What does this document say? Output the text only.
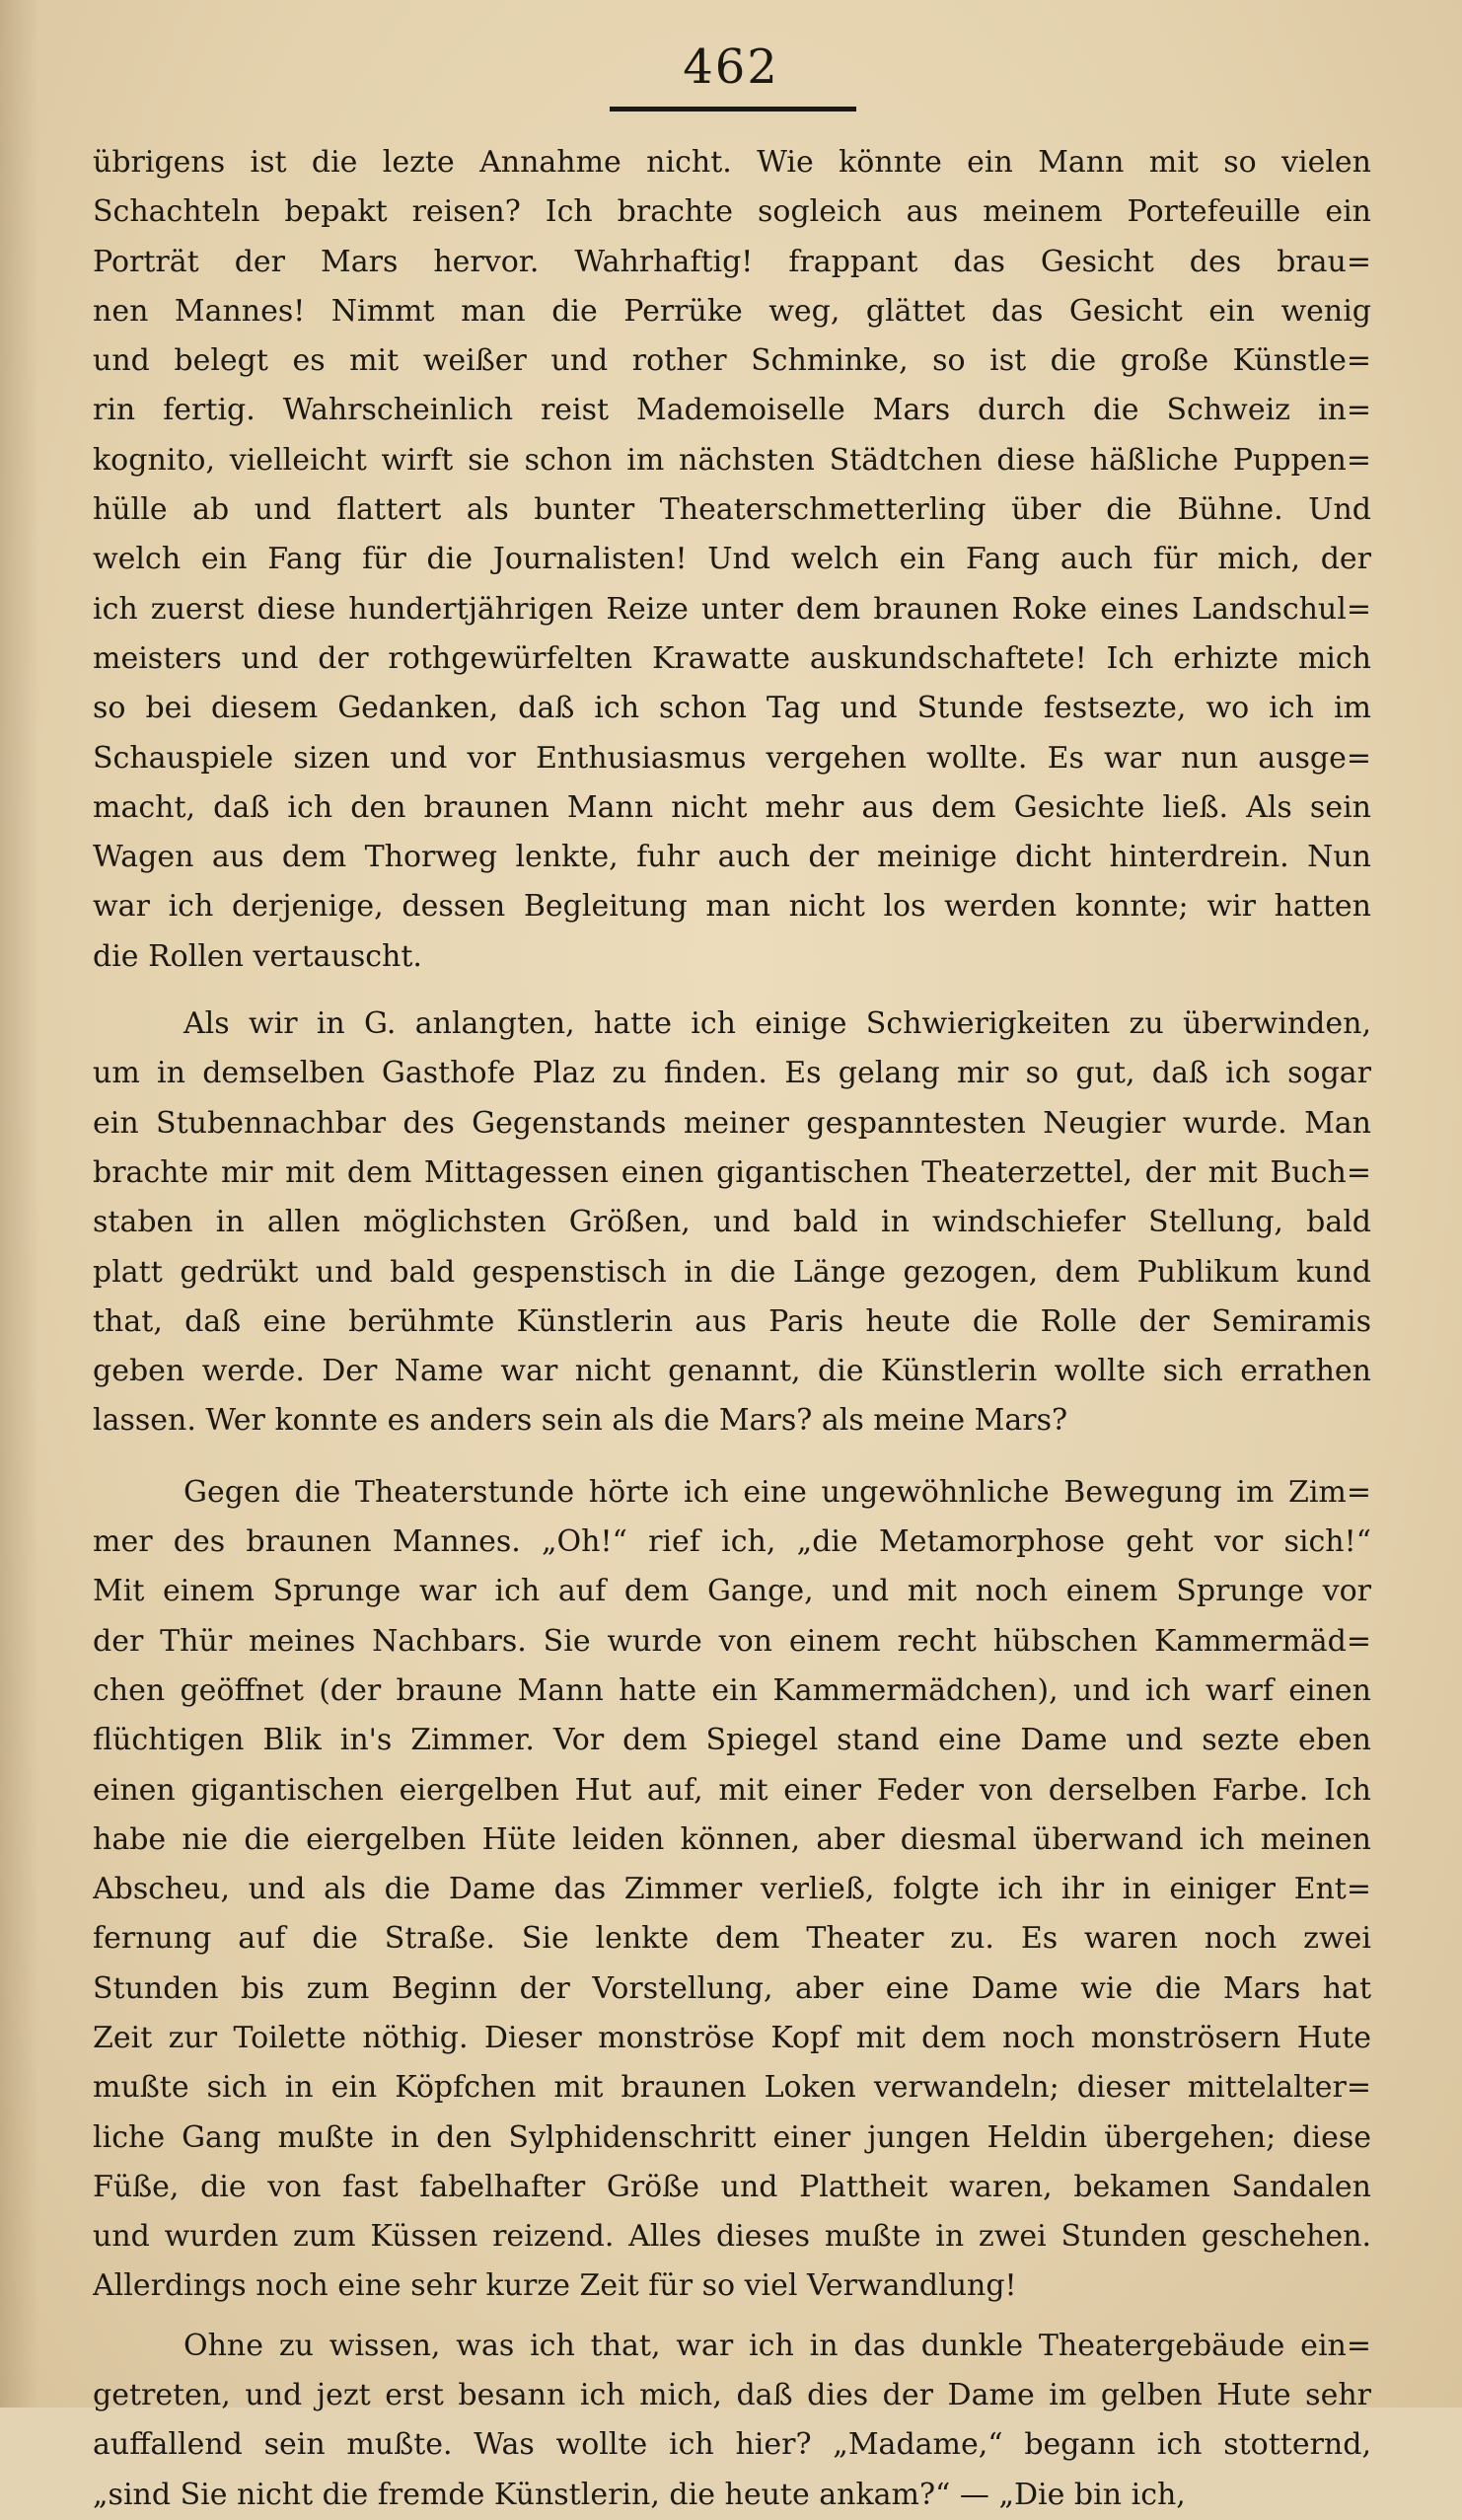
462
übrigens ist die lezte Annahme nicht. Wie könnte ein Mann mit so vielen
Schachteln bepakt reisen? Ich brachte sogleich aus meinem Portefeuille ein
Porträt der Mars hervor. Wahrhaftig! frappant das Gesicht des brau=
nen Mannes! Nimmt man die Perrüke weg, glättet das Gesicht ein wenig
und belegt es mit weißer und rother Schminke, so ist die große Künstle=
rin fertig. Wahrscheinlich reist Mademoiselle Mars durch die Schweiz in=
kognito, vielleicht wirft sie schon im nächsten Städtchen diese häßliche Puppen=
hülle ab und flattert als bunter Theaterschmetterling über die Bühne. Und
welch ein Fang für die Journalisten! Und welch ein Fang auch für mich, der
ich zuerst diese hundertjährigen Reize unter dem braunen Roke eines Landschul=
meisters und der rothgewürfelten Krawatte auskundschaftete! Ich erhizte mich
so bei diesem Gedanken, daß ich schon Tag und Stunde festsezte, wo ich im
Schauspiele sizen und vor Enthusiasmus vergehen wollte. Es war nun ausge=
macht, daß ich den braunen Mann nicht mehr aus dem Gesichte ließ. Als sein
Wagen aus dem Thorweg lenkte, fuhr auch der meinige dicht hinterdrein. Nun
war ich derjenige, dessen Begleitung man nicht los werden konnte; wir hatten
die Rollen vertauscht.
Als wir in G. anlangten, hatte ich einige Schwierigkeiten zu überwinden,
um in demselben Gasthofe Plaz zu finden. Es gelang mir so gut, daß ich sogar
ein Stubennachbar des Gegenstands meiner gespanntesten Neugier wurde. Man
brachte mir mit dem Mittagessen einen gigantischen Theaterzettel, der mit Buch=
staben in allen möglichsten Größen, und bald in windschiefer Stellung, bald
platt gedrükt und bald gespenstisch in die Länge gezogen, dem Publikum kund
that, daß eine berühmte Künstlerin aus Paris heute die Rolle der Semiramis
geben werde. Der Name war nicht genannt, die Künstlerin wollte sich errathen
lassen. Wer konnte es anders sein als die Mars? als meine Mars?
Gegen die Theaterstunde hörte ich eine ungewöhnliche Bewegung im Zim=
mer des braunen Mannes. „Oh!“ rief ich, „die Metamorphose geht vor sich!“
Mit einem Sprunge war ich auf dem Gange, und mit noch einem Sprunge vor
der Thür meines Nachbars. Sie wurde von einem recht hübschen Kammermäd=
chen geöffnet (der braune Mann hatte ein Kammermädchen), und ich warf einen
flüchtigen Blik in's Zimmer. Vor dem Spiegel stand eine Dame und sezte eben
einen gigantischen eiergelben Hut auf, mit einer Feder von derselben Farbe. Ich
habe nie die eiergelben Hüte leiden können, aber diesmal überwand ich meinen
Abscheu, und als die Dame das Zimmer verließ, folgte ich ihr in einiger Ent=
fernung auf die Straße. Sie lenkte dem Theater zu. Es waren noch zwei
Stunden bis zum Beginn der Vorstellung, aber eine Dame wie die Mars hat
Zeit zur Toilette nöthig. Dieser monströse Kopf mit dem noch monströsern Hute
mußte sich in ein Köpfchen mit braunen Loken verwandeln; dieser mittelalter=
liche Gang mußte in den Sylphidenschritt einer jungen Heldin übergehen; diese
Füße, die von fast fabelhafter Größe und Plattheit waren, bekamen Sandalen
und wurden zum Küssen reizend. Alles dieses mußte in zwei Stunden geschehen.
Allerdings noch eine sehr kurze Zeit für so viel Verwandlung!
Ohne zu wissen, was ich that, war ich in das dunkle Theatergebäude ein=
getreten, und jezt erst besann ich mich, daß dies der Dame im gelben Hute sehr
auffallend sein mußte. Was wollte ich hier? „Madame,“ begann ich stotternd,
„sind Sie nicht die fremde Künstlerin, die heute ankam?“ — „Die bin ich,
